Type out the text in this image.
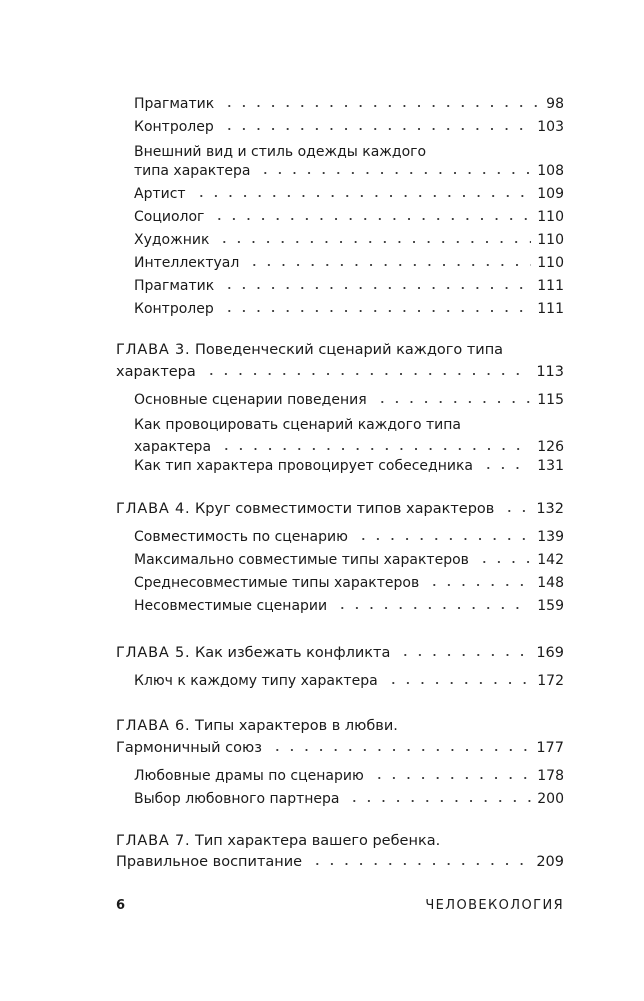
Прагматик	98
Контролер	103
Внешний вид и стиль одежды каждого
типа характера	108
Артист	109
Социолог	110
Художник	110
Интеллектуал	110
Прагматик	111
Контролер	111
ГЛАВА 3.
Поведенческий сценарий каждого типа
характера	113
Основные сценарии поведения	115
Как провоцировать сценарий каждого типа
характера	126
Как тип характера провоцирует собеседника	131
ГЛАВА 4.
Круг совместимости типов характеров	132
Совместимость по сценарию	139
Максимально совместимые типы характеров	142
Среднесовместимые типы характеров	148
Несовместимые сценарии	159
ГЛАВА 5.
Как избежать конфликта	169
Ключ к каждому типу характера	172
ГЛАВА 6.
Типы характеров в любви.
Гармоничный союз	177
Любовные драмы по сценарию	178
Выбор любовного партнера	200
ГЛАВА 7.
Тип характера вашего ребенка.
Правильное воспитание	209
6	ЧЕЛОВЕКОЛОГИЯ
